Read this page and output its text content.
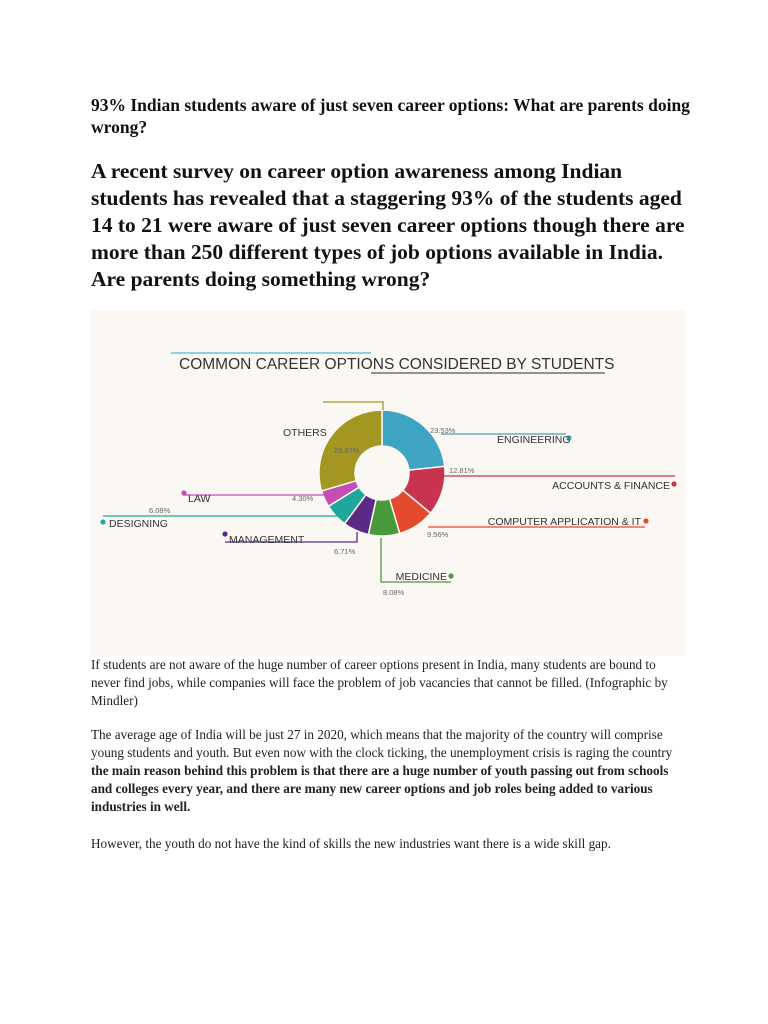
93% Indian students aware of just seven career options: What are parents doing wrong?

A recent survey on career option awareness among Indian students has revealed that a staggering 93% of the students aged 14 to 21 were aware of just seven career options though there are more than 250 different types of job options available in India. Are parents doing something wrong?

COMMON CAREER OPTIONS CONSIDERED BY STUDENTS
ENGINEERING
23.53%
ACCOUNTS & FINANCE
12.81%
COMPUTER APPLICATION & IT
9.56%
MEDICINE
8.08%
MANAGEMENT
6.71%
DESIGNING
6.08%
LAW	4.30%
OTHERS
29.87%

If students are not aware of the huge number of career options present in India, many students are bound to never find jobs, while companies will face the problem of job vacancies that cannot be filled. (Infographic by Mindler)

The average age of India will be just 27 in 2020, which means that the majority of the country will comprise young students and youth. But even now with the clock ticking, the unemployment crisis is raging the country the main reason behind this problem is that there are a huge number of youth passing out from schools and colleges every year, and there are many new career options and job roles being added to various industries in well.

However, the youth do not have the kind of skills the new industries want there is a wide skill gap.
